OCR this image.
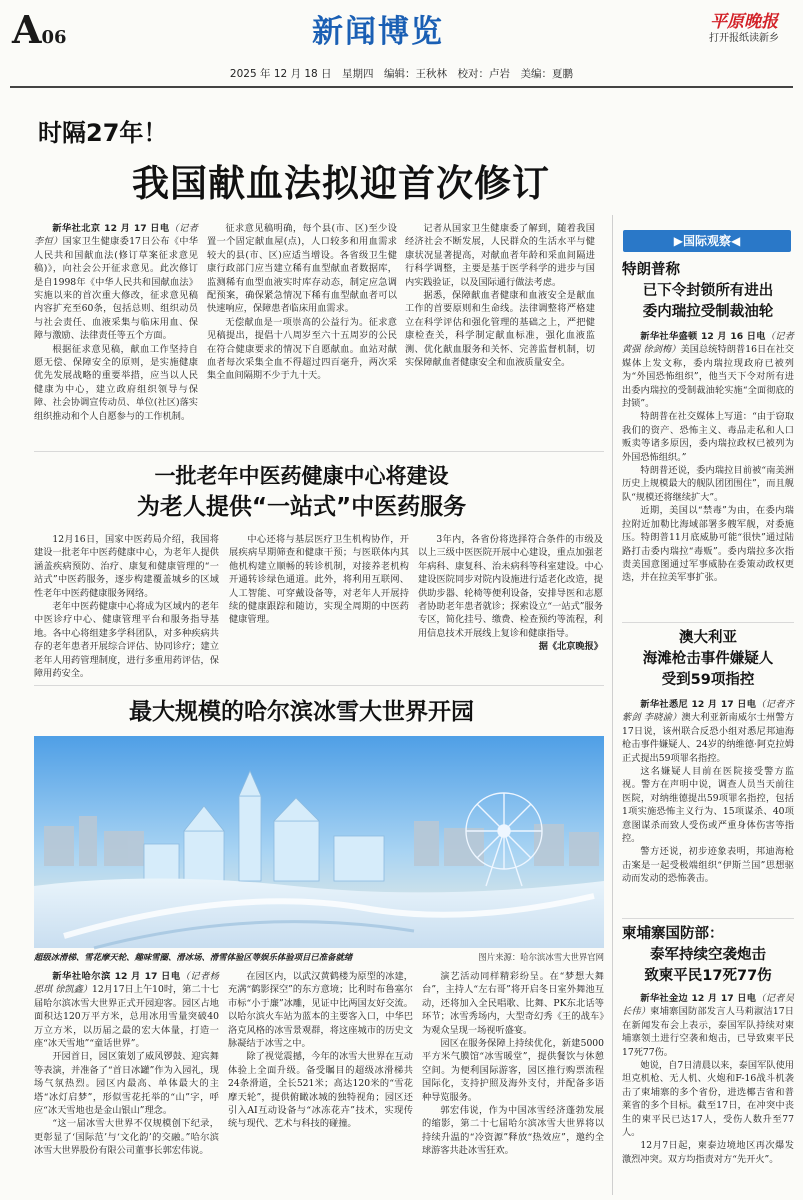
A06	新闻博览	平原晚报
打开报纸读新乡
2025 年 12 月 18 日　星期四　编辑：王秋林　校对：卢岩　美编：夏鹏
时隔27年！
我国献血法拟迎首次修订

新华社北京 12 月 17 日电（记者李恒）国家卫生健康委17日公布《中华人民共和国献血法(修订草案征求意见稿)》，向社会公开征求意见。此次修订是自1998年《中华人民共和国献血法》实施以来的首次重大修改，征求意见稿内容扩充至60条，包括总则、组织动员与社会责任、血液采集与临床用血、保障与激励、法律责任等五个方面。

根据征求意见稿，献血工作坚持自愿无偿、保障安全的原则，是实施健康优先发展战略的重要举措，应当以人民健康为中心，建立政府组织领导与保障、社会协调宣传动员、单位(社区)落实组织推动和个人自愿参与的工作机制。

征求意见稿明确，每个县(市、区)至少设置一个固定献血屋(点)，人口较多和用血需求较大的县(市、区)应适当增设。各省级卫生健康行政部门应当建立稀有血型献血者数据库，监测稀有血型血液实时库存动态，制定应急调配预案，确保紧急情况下稀有血型献血者可以快速响应，保障患者临床用血需求。

无偿献血是一项崇高的公益行为。征求意见稿提出，提倡十八周岁至六十五周岁的公民在符合健康要求的情况下自愿献血。血站对献血者每次采集全血不得超过四百毫升，两次采集全血间隔期不少于九十天。

记者从国家卫生健康委了解到，随着我国经济社会不断发展，人民群众的生活水平与健康状况显著提高，对献血者年龄和采血间隔进行科学调整，主要是基于医学科学的进步与国内实践验证，以及国际通行做法考虑。

据悉，保障献血者健康和血液安全是献血工作的首要原则和生命线。法律调整将严格建立在科学评估和强化管理的基础之上，严把健康检查关，科学制定献血标准，强化血液监测、优化献血服务和关怀、完善监督机制，切实保障献血者健康安全和血液质量安全。

一批老年中医药健康中心将建设
为老人提供“一站式”中医药服务

12月16日，国家中医药局介绍，我国将建设一批老年中医药健康中心，为老年人提供涵盖疾病预防、治疗、康复和健康管理的“一站式”中医药服务，逐步构建覆盖城乡的区域性老年中医药健康服务网络。

老年中医药健康中心将成为区域内的老年中医诊疗中心、健康管理平台和服务指导基地。各中心将组建多学科团队，对多种疾病共存的老年患者开展综合评估、协同诊疗；建立老年人用药管理制度，进行多重用药评估，保障用药安全。

中心还将与基层医疗卫生机构协作，开展疾病早期筛查和健康干预；与医联体内其他机构建立顺畅的转诊机制，对接养老机构开通转诊绿色通道。此外，将利用互联网、人工智能、可穿戴设备等，对老年人开展持续的健康跟踪和随访，实现全周期的中医药健康管理。

3年内，各省份将选择符合条件的市级及以上三级中医医院开展中心建设，重点加强老年病科、康复科、治未病科等科室建设。中心建设医院同步对院内设施进行适老化改造，提供助步器、轮椅等便利设备，安排导医和志愿者协助老年患者就诊；探索设立“一站式”服务专区，简化挂号、缴费、检查预约等流程，利用信息技术开展线上复诊和健康指导。

据《北京晚报》

最大规模的哈尔滨冰雪大世界开园
超级冰滑梯、雪花摩天轮、趣味雪圈、滑冰场、滑雪体验区等娱乐体验项目已准备就绪	图片来源：哈尔滨冰雪大世界官网

新华社哈尔滨 12 月 17 日电（记者杨思琪 徐凯鑫）12月17日上午10时，第二十七届哈尔滨冰雪大世界正式开园迎客。园区占地面积达120万平方米，总用冰用雪量突破40万立方米，以历届之最的宏大体量，打造一座“冰天雪地”“童话世界”。

开园首日，园区策划了威风锣鼓、迎宾舞等表演，并准备了“首日冰罐”作为入园礼，现场气氛热烈。园区内最高、单体最大的主塔“冰灯启梦”，形似雪花托举的“山”字，呼应“冰天雪地也是金山银山”理念。

“这一届冰雪大世界不仅规模创下纪录，更彰显了‘国际范’与‘文化韵’的交融。”哈尔滨冰雪大世界股份有限公司董事长郭宏伟说。

在园区内，以武汉黄鹤楼为原型的冰建，充满“鹤影探空”的东方意境；比利时布鲁塞尔市标“小于廉”冰雕，见证中比两国友好交流。以哈尔滨火车站为蓝本的主要客入口，中华巴洛克风格的冰雪景观群，将这座城市的历史文脉凝结于冰雪之中。

除了视觉震撼，今年的冰雪大世界在互动体验上全面升级。备受瞩目的超级冰滑梯共24条滑道，全长521米；高达120米的“雪花摩天轮”，提供俯瞰冰城的独特视角；园区还引入AI互动设备与“冰冻花卉”技术，实现传统与现代、艺术与科技的碰撞。

演艺活动同样精彩纷呈。在“梦想大舞台”，主持人“左右哥”将开启冬日室外舞池互动，还将加入全民唱歌、比舞、PK东北话等环节；冰雪秀场内，大型奇幻秀《王的战车》为观众呈现一场视听盛宴。

园区在服务保障上持续优化，新建5000平方米气膜馆“冰雪暖堂”，提供餐饮与休憩空间。为便利国际游客，园区推行购票流程国际化，支持护照及海外支付，并配备多语种导览服务。

郭宏伟说，作为中国冰雪经济蓬勃发展的缩影，第二十七届哈尔滨冰雪大世界将以持续升温的“冷资源”释放“热效应”，邀约全球游客共赴冰雪狂欢。

▶国际观察◀
特朗普称
已下令封锁所有进出
委内瑞拉受制裁油轮

新华社华盛顿 12 月 16 日电（记者黄强 徐剑梅）美国总统特朗普16日在社交媒体上发文称，委内瑞拉现政府已被列为“外国恐怖组织”，他当天下令对所有进出委内瑞拉的受制裁油轮实施“全面彻底的封锁”。

特朗普在社交媒体上写道：“由于窃取我们的资产、恐怖主义、毒品走私和人口贩卖等诸多原因，委内瑞拉政权已被列为外国恐怖组织。”

特朗普还说，委内瑞拉目前被“南美洲历史上规模最大的舰队团团围住”，而且舰队“规模还将继续扩大”。

近期，美国以“禁毒”为由，在委内瑞拉附近加勒比海域部署多艘军舰，对委施压。特朗普11月底威胁可能“很快”通过陆路打击委内瑞拉“毒贩”。委内瑞拉多次指责美国意图通过军事威胁在委策动政权更迭，并在拉美军事扩张。

澳大利亚
海滩枪击事件嫌疑人
受到59项指控

新华社悉尼 12 月 17 日电（记者齐紫剑 李晓渝）澳大利亚新南威尔士州警方17日说，该州联合反恐小组对悉尼邦迪海枪击事件嫌疑人、24岁的纳维德·阿克拉姆正式提出59项罪名指控。

这名嫌疑人目前在医院接受警方监视。警方在声明中说，调查人员当天前往医院，对纳维德提出59项罪名指控，包括1项实施恐怖主义行为、15项谋杀、40项意图谋杀而致人受伤或严重身体伤害等指控。

警方还说，初步迹象表明，邦迪海枪击案是一起受极端组织“伊斯兰国”思想驱动而发动的恐怖袭击。

柬埔寨国防部：
泰军持续空袭炮击
致柬平民17死77伤

新华社金边 12 月 17 日电（记者吴长伟）柬埔寨国防部发言人马莉淑洁17日在新闻发布会上表示，泰国军队持续对柬埔寨领土进行空袭和炮击，已导致柬平民17死77伤。

她说，自7日清晨以来，泰国军队使用坦克机枪、无人机、火炮和F-16战斗机袭击了柬埔寨的多个省份，进选椰吉省和普莱省的多个目标。截至17日，在冲突中丧生的柬平民已达17人，受伤人数升至77人。

12月7日起，柬泰边境地区再次爆发激烈冲突。双方均指责对方“先开火”。
